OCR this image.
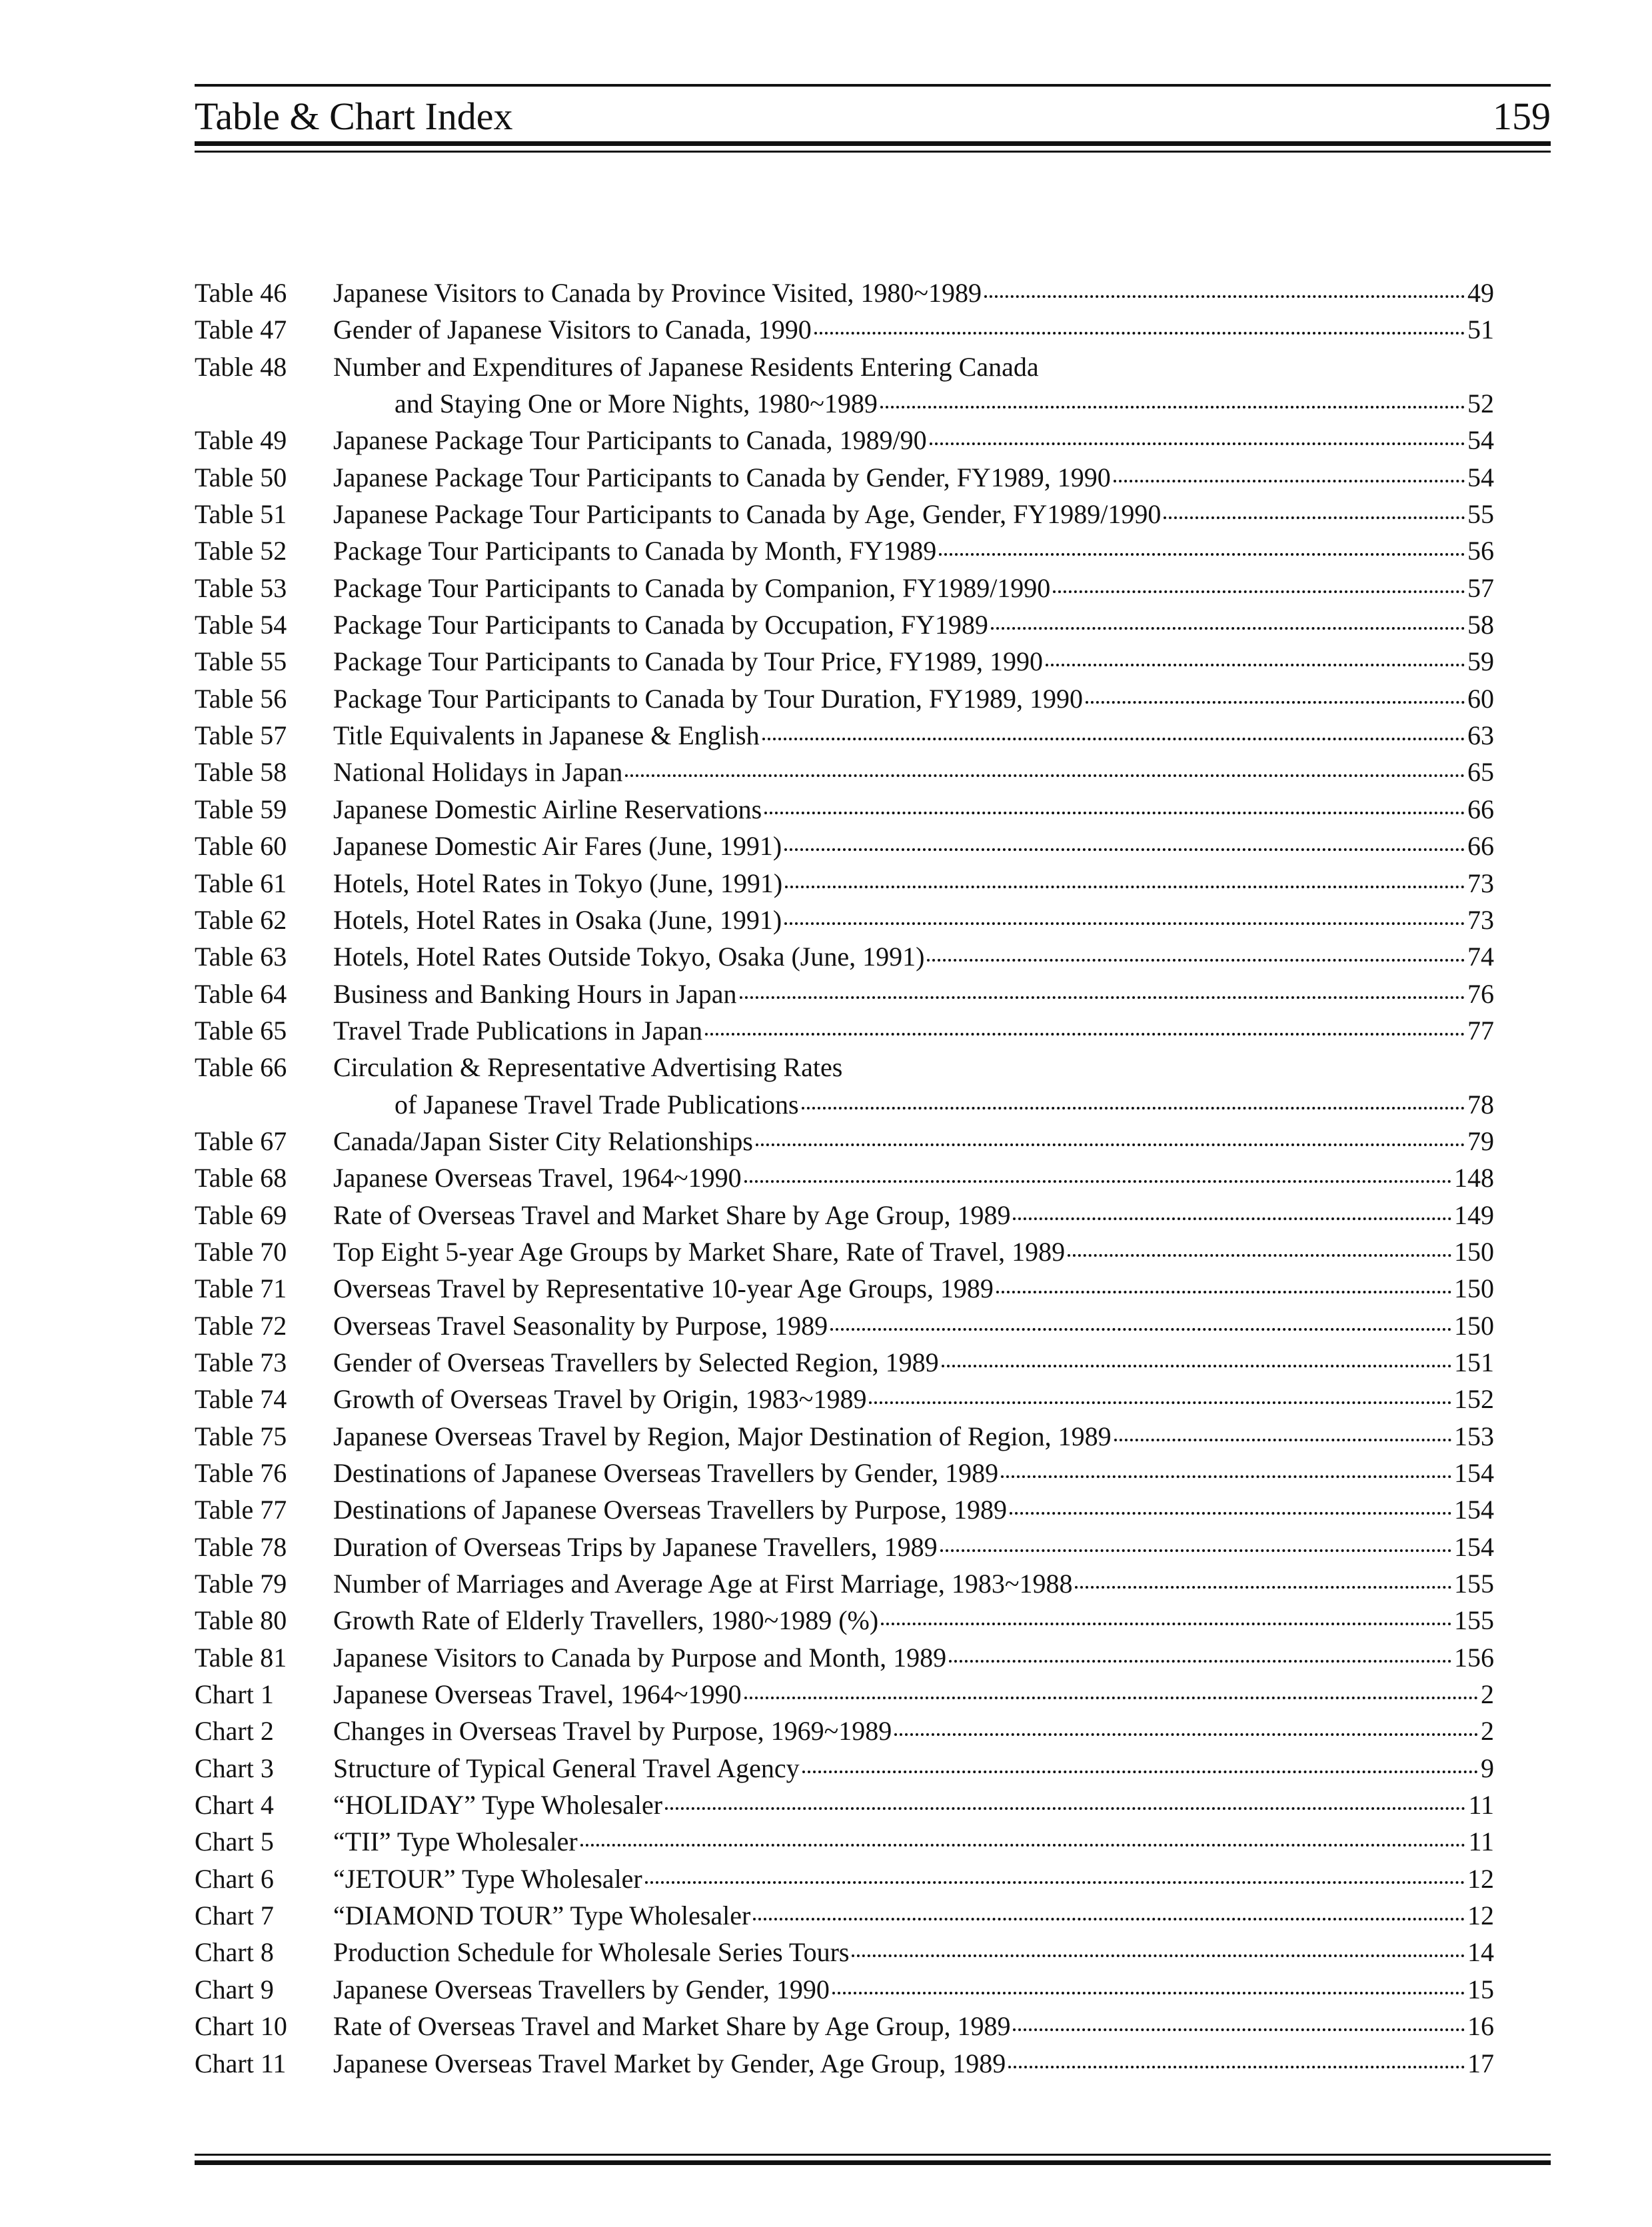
Table & Chart Index	159
Table 46 Japanese Visitors to Canada by Province Visited, 1980~1989	49
Table 47 Gender of Japanese Visitors to Canada, 1990	51
Table 48 Number and Expenditures of Japanese Residents Entering Canada
and Staying One or More Nights, 1980~1989	52
Table 49 Japanese Package Tour Participants to Canada, 1989/90	54
Table 50 Japanese Package Tour Participants to Canada by Gender, FY1989, 1990	54
Table 51 Japanese Package Tour Participants to Canada by Age, Gender, FY1989/1990	55
Table 52 Package Tour Participants to Canada by Month, FY1989	56
Table 53 Package Tour Participants to Canada by Companion, FY1989/1990	57
Table 54 Package Tour Participants to Canada by Occupation, FY1989	58
Table 55 Package Tour Participants to Canada by Tour Price, FY1989, 1990	59
Table 56 Package Tour Participants to Canada by Tour Duration, FY1989, 1990	60
Table 57 Title Equivalents in Japanese & English	63
Table 58 National Holidays in Japan	65
Table 59 Japanese Domestic Airline Reservations	66
Table 60 Japanese Domestic Air Fares (June, 1991)	66
Table 61 Hotels, Hotel Rates in Tokyo (June, 1991)	73
Table 62 Hotels, Hotel Rates in Osaka (June, 1991)	73
Table 63 Hotels, Hotel Rates Outside Tokyo, Osaka (June, 1991)	74
Table 64 Business and Banking Hours in Japan	76
Table 65 Travel Trade Publications in Japan	77
Table 66 Circulation & Representative Advertising Rates
of Japanese Travel Trade Publications	78
Table 67 Canada/Japan Sister City Relationships	79
Table 68 Japanese Overseas Travel, 1964~1990	148
Table 69 Rate of Overseas Travel and Market Share by Age Group, 1989	149
Table 70 Top Eight 5-year Age Groups by Market Share, Rate of Travel, 1989	150
Table 71 Overseas Travel by Representative 10-year Age Groups, 1989	150
Table 72 Overseas Travel Seasonality by Purpose, 1989	150
Table 73 Gender of Overseas Travellers by Selected Region, 1989	151
Table 74 Growth of Overseas Travel by Origin, 1983~1989	152
Table 75 Japanese Overseas Travel by Region, Major Destination of Region, 1989	153
Table 76 Destinations of Japanese Overseas Travellers by Gender, 1989	154
Table 77 Destinations of Japanese Overseas Travellers by Purpose, 1989	154
Table 78 Duration of Overseas Trips by Japanese Travellers, 1989	154
Table 79 Number of Marriages and Average Age at First Marriage, 1983~1988	155
Table 80 Growth Rate of Elderly Travellers, 1980~1989 (%)	155
Table 81 Japanese Visitors to Canada by Purpose and Month, 1989	156
Chart 1 Japanese Overseas Travel, 1964~1990	2
Chart 2 Changes in Overseas Travel by Purpose, 1969~1989	2
Chart 3 Structure of Typical General Travel Agency	9
Chart 4 “HOLIDAY” Type Wholesaler	11
Chart 5 “TII” Type Wholesaler	11
Chart 6 “JETOUR” Type Wholesaler	12
Chart 7 “DIAMOND TOUR” Type Wholesaler	12
Chart 8 Production Schedule for Wholesale Series Tours	14
Chart 9 Japanese Overseas Travellers by Gender, 1990	15
Chart 10 Rate of Overseas Travel and Market Share by Age Group, 1989	16
Chart 11 Japanese Overseas Travel Market by Gender, Age Group, 1989	17
